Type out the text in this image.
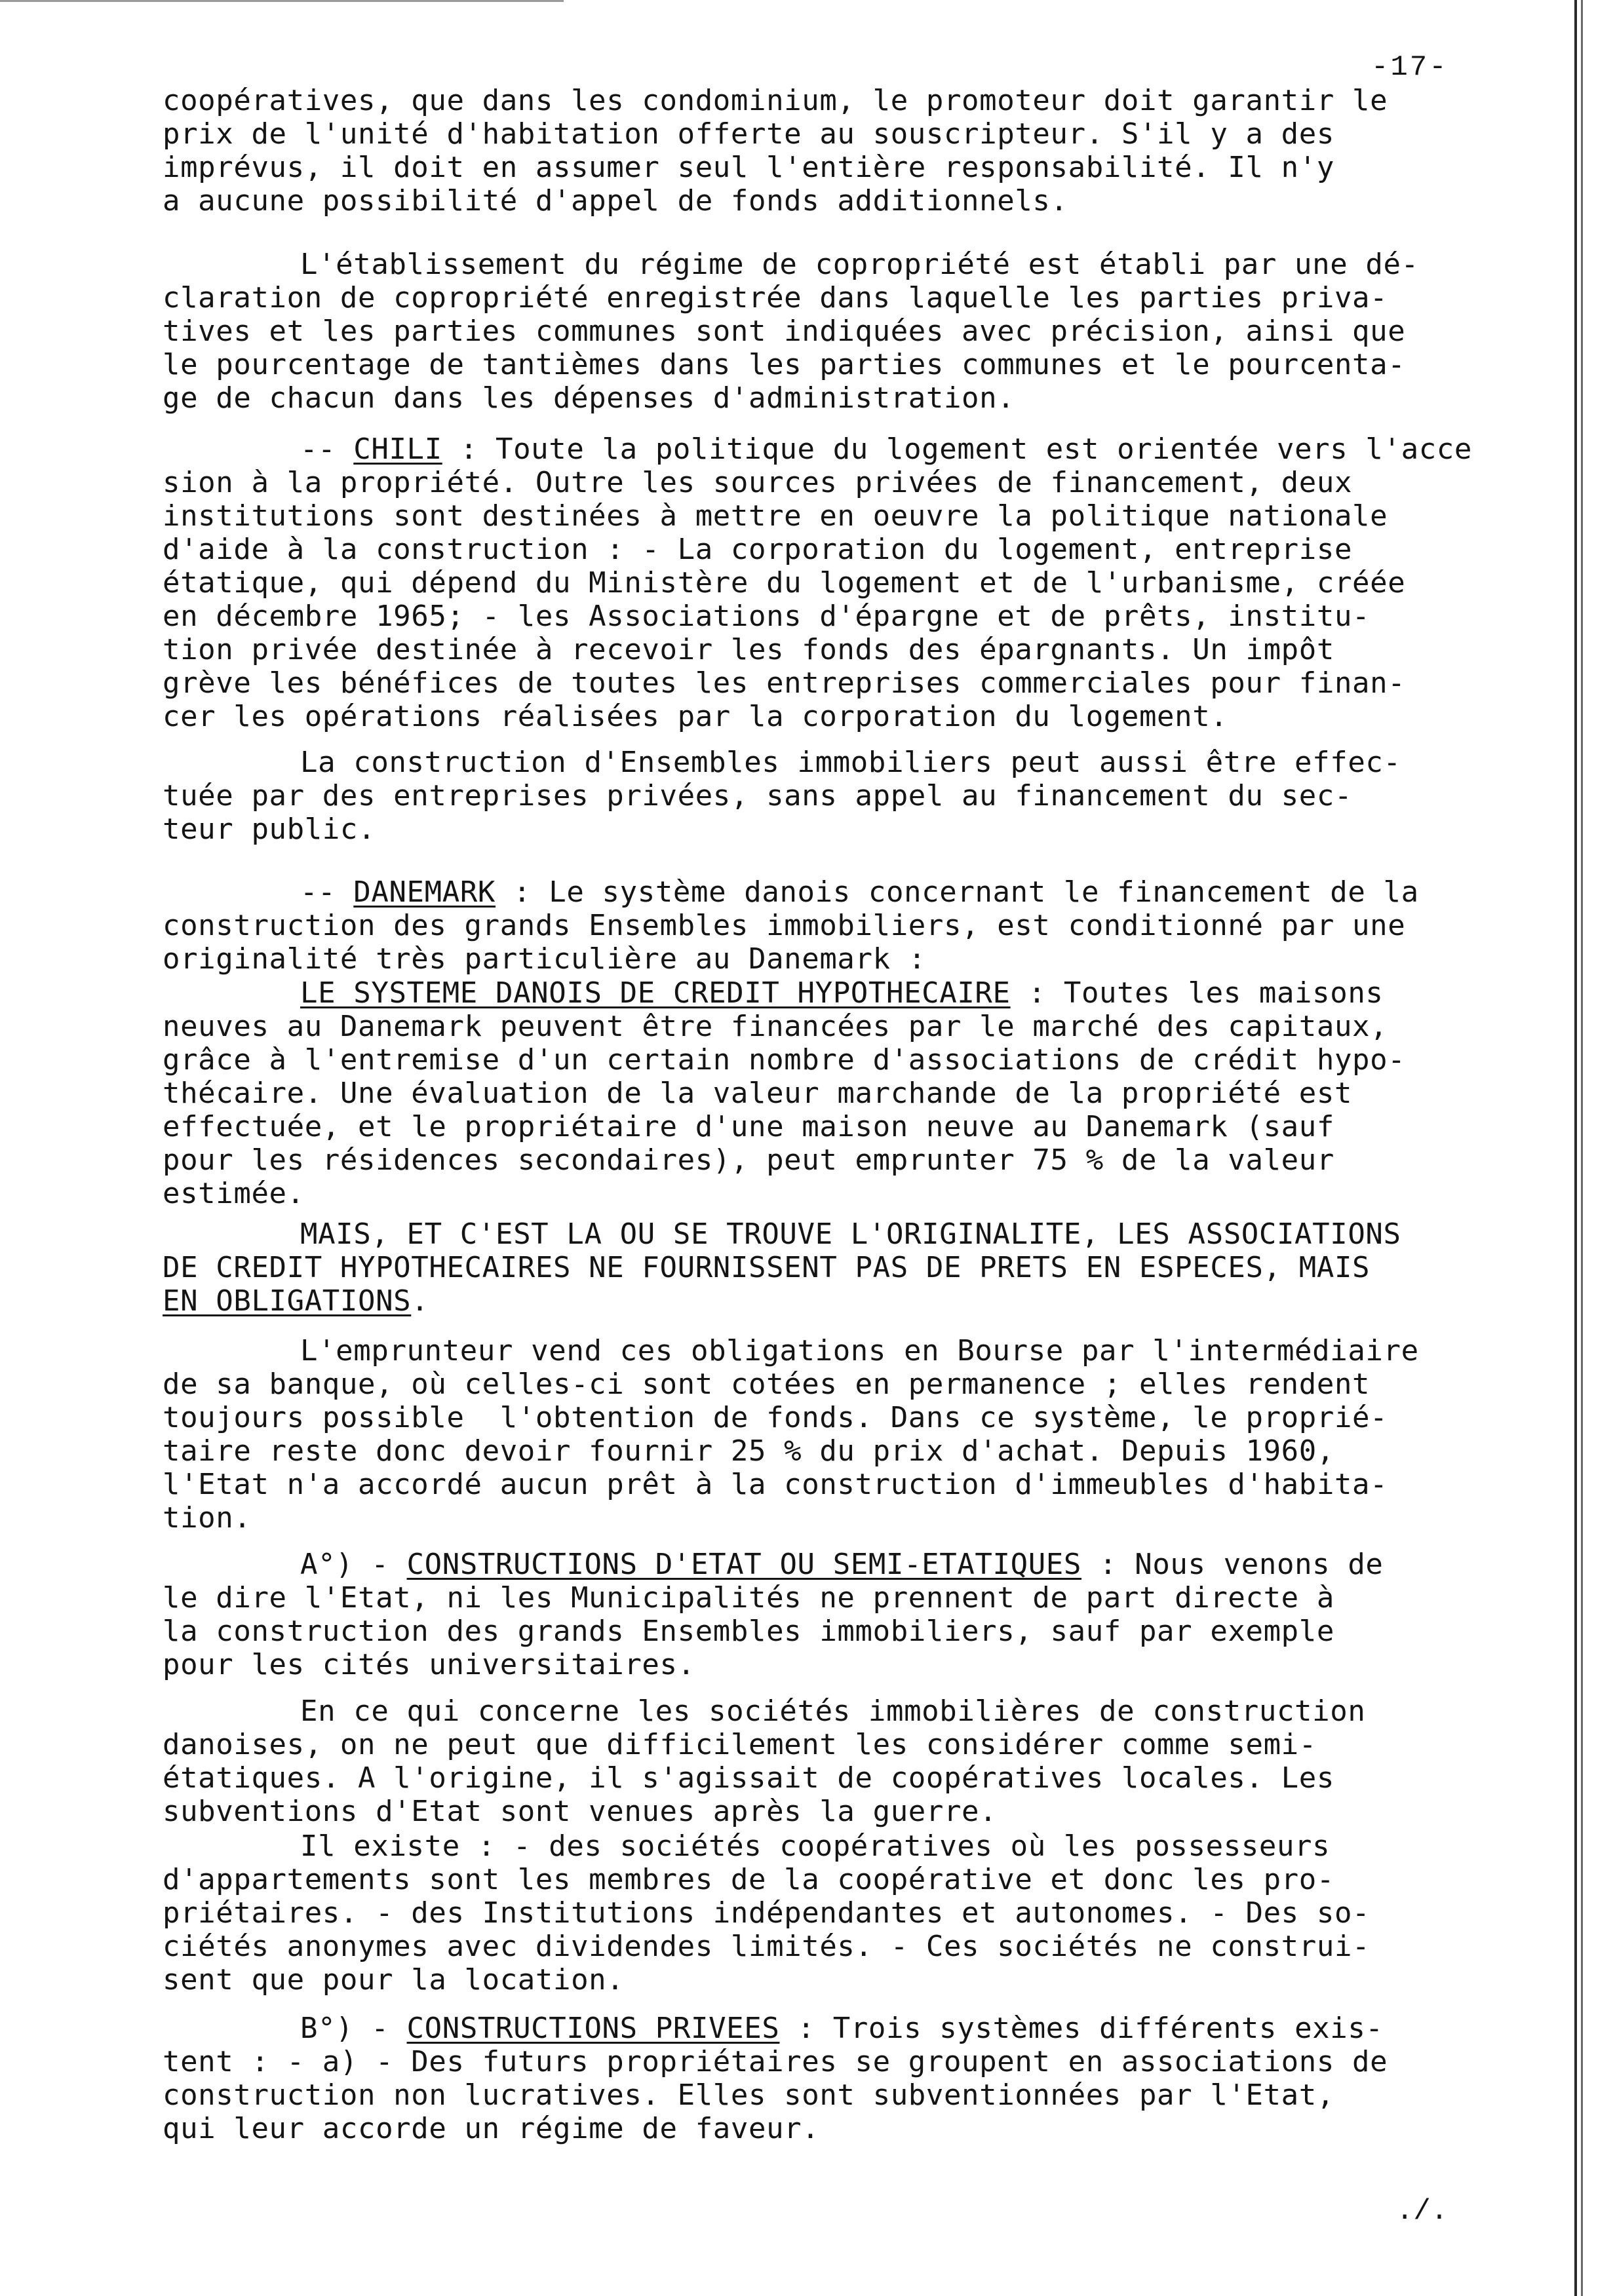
-17-
coopératives, que dans les condominium, le promoteur doit garantir le
prix de l'unité d'habitation offerte au souscripteur. S'il y a des
imprévus, il doit en assumer seul l'entière responsabilité. Il n'y
a aucune possibilité d'appel de fonds additionnels.
L'établissement du régime de copropriété est établi par une dé-
claration de copropriété enregistrée dans laquelle les parties priva-
tives et les parties communes sont indiquées avec précision, ainsi que
le pourcentage de tantièmes dans les parties communes et le pourcenta-
ge de chacun dans les dépenses d'administration.
-- CHILI : Toute la politique du logement est orientée vers l'acce
sion à la propriété. Outre les sources privées de financement, deux
institutions sont destinées à mettre en oeuvre la politique nationale
d'aide à la construction : - La corporation du logement, entreprise
étatique, qui dépend du Ministère du logement et de l'urbanisme, créée
en décembre 1965; - les Associations d'épargne et de prêts, institu-
tion privée destinée à recevoir les fonds des épargnants. Un impôt
grève les bénéfices de toutes les entreprises commerciales pour finan-
cer les opérations réalisées par la corporation du logement.
La construction d'Ensembles immobiliers peut aussi être effec-
tuée par des entreprises privées, sans appel au financement du sec-
teur public.
-- DANEMARK : Le système danois concernant le financement de la
construction des grands Ensembles immobiliers, est conditionné par une
originalité très particulière au Danemark :
LE SYSTEME DANOIS DE CREDIT HYPOTHECAIRE : Toutes les maisons
neuves au Danemark peuvent être financées par le marché des capitaux,
grâce à l'entremise d'un certain nombre d'associations de crédit hypo-
thécaire. Une évaluation de la valeur marchande de la propriété est
effectuée, et le propriétaire d'une maison neuve au Danemark (sauf
pour les résidences secondaires), peut emprunter 75 % de la valeur
estimée.
MAIS, ET C'EST LA OU SE TROUVE L'ORIGINALITE, LES ASSOCIATIONS
DE CREDIT HYPOTHECAIRES NE FOURNISSENT PAS DE PRETS EN ESPECES, MAIS
EN OBLIGATIONS.
L'emprunteur vend ces obligations en Bourse par l'intermédiaire
de sa banque, où celles-ci sont cotées en permanence ; elles rendent
toujours possible  l'obtention de fonds. Dans ce système, le proprié-
taire reste donc devoir fournir 25 % du prix d'achat. Depuis 1960,
l'Etat n'a accordé aucun prêt à la construction d'immeubles d'habita-
tion.
A°) - CONSTRUCTIONS D'ETAT OU SEMI-ETATIQUES : Nous venons de
le dire l'Etat, ni les Municipalités ne prennent de part directe à
la construction des grands Ensembles immobiliers, sauf par exemple
pour les cités universitaires.
En ce qui concerne les sociétés immobilières de construction
danoises, on ne peut que difficilement les considérer comme semi-
étatiques. A l'origine, il s'agissait de coopératives locales. Les
subventions d'Etat sont venues après la guerre.
Il existe : - des sociétés coopératives où les possesseurs
d'appartements sont les membres de la coopérative et donc les pro-
priétaires. - des Institutions indépendantes et autonomes. - Des so-
ciétés anonymes avec dividendes limités. - Ces sociétés ne construi-
sent que pour la location.
B°) - CONSTRUCTIONS PRIVEES : Trois systèmes différents exis-
tent : - a) - Des futurs propriétaires se groupent en associations de
construction non lucratives. Elles sont subventionnées par l'Etat,
qui leur accorde un régime de faveur.
./.
